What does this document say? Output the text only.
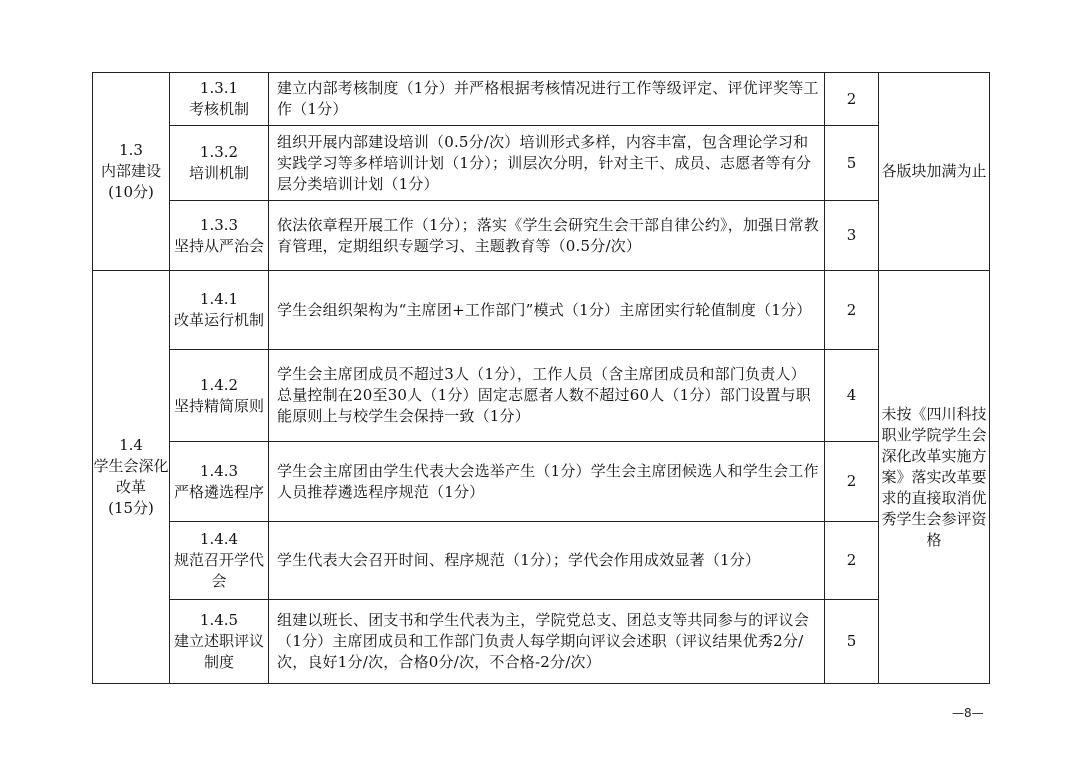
1.3
内部建设
(10分)	1.3.1
考核机制	建立内部考核制度（1分）并严格根据考核情况进行工作等级评定、评优评奖等工作（1分）	2	各版块加满为止

	1.3.2
培训机制	组织开展内部建设培训（0.5分/次）培训形式多样，内容丰富，包含理论学习和实践学习等多样培训计划（1分）；训层次分明，针对主干、成员、志愿者等有分层分类培训计划（1分）	5	

	1.3.3
坚持从严治会	依法依章程开展工作（1分）；落实《学生会研究生会干部自律公约》，加强日常教育管理，定期组织专题学习、主题教育等（0.5分/次）	3	

1.4
学生会深化改革
(15分)	1.4.1
改革运行机制	学生会组织架构为“主席团+工作部门”模式（1分）主席团实行轮值制度（1分）	2	未按《四川科技职业学院学生会深化改革实施方案》落实改革要求的直接取消优秀学生会参评资格

	1.4.2
坚持精简原则	学生会主席团成员不超过3人（1分），工作人员（含主席团成员和部门负责人）总量控制在20至30人（1分）固定志愿者人数不超过60人（1分）部门设置与职能原则上与校学生会保持一致（1分）	4	

	1.4.3
严格遴选程序	学生会主席团由学生代表大会选举产生（1分）学生会主席团候选人和学生会工作人员推荐遴选程序规范（1分）	2	

	1.4.4
规范召开学代会	学生代表大会召开时间、程序规范（1分）；学代会作用成效显著（1分）	2	

	1.4.5
建立述职评议制度	组建以班长、团支书和学生代表为主，学院党总支、团总支等共同参与的评议会（1分）主席团成员和工作部门负责人每学期向评议会述职（评议结果优秀2分/次，良好1分/次，合格0分/次，不合格-2分/次）	5	
—8—
